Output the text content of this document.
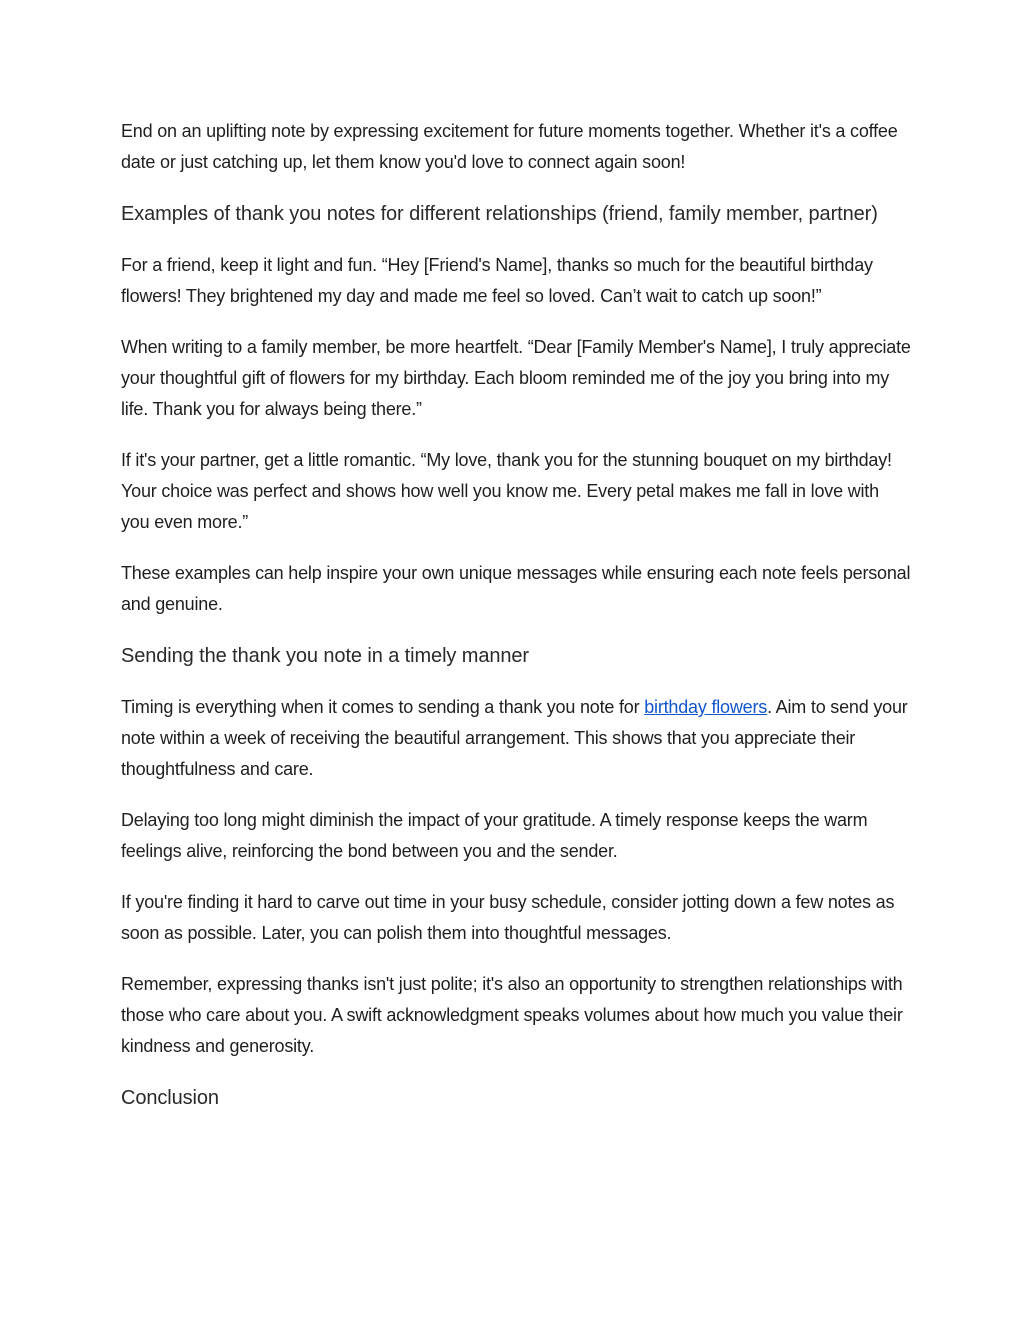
End on an uplifting note by expressing excitement for future moments together. Whether it's a coffee date or just catching up, let them know you'd love to connect again soon!

Examples of thank you notes for different relationships (friend, family member, partner)

For a friend, keep it light and fun. “Hey [Friend's Name], thanks so much for the beautiful birthday flowers! They brightened my day and made me feel so loved. Can’t wait to catch up soon!”

When writing to a family member, be more heartfelt. “Dear [Family Member's Name], I truly appreciate your thoughtful gift of flowers for my birthday. Each bloom reminded me of the joy you bring into my life. Thank you for always being there.”

If it's your partner, get a little romantic. “My love, thank you for the stunning bouquet on my birthday! Your choice was perfect and shows how well you know me. Every petal makes me fall in love with you even more.”

These examples can help inspire your own unique messages while ensuring each note feels personal and genuine.

Sending the thank you note in a timely manner

Timing is everything when it comes to sending a thank you note for birthday flowers. Aim to send your note within a week of receiving the beautiful arrangement. This shows that you appreciate their thoughtfulness and care.

Delaying too long might diminish the impact of your gratitude. A timely response keeps the warm feelings alive, reinforcing the bond between you and the sender.

If you're finding it hard to carve out time in your busy schedule, consider jotting down a few notes as soon as possible. Later, you can polish them into thoughtful messages.

Remember, expressing thanks isn't just polite; it's also an opportunity to strengthen relationships with those who care about you. A swift acknowledgment speaks volumes about how much you value their kindness and generosity.

Conclusion
